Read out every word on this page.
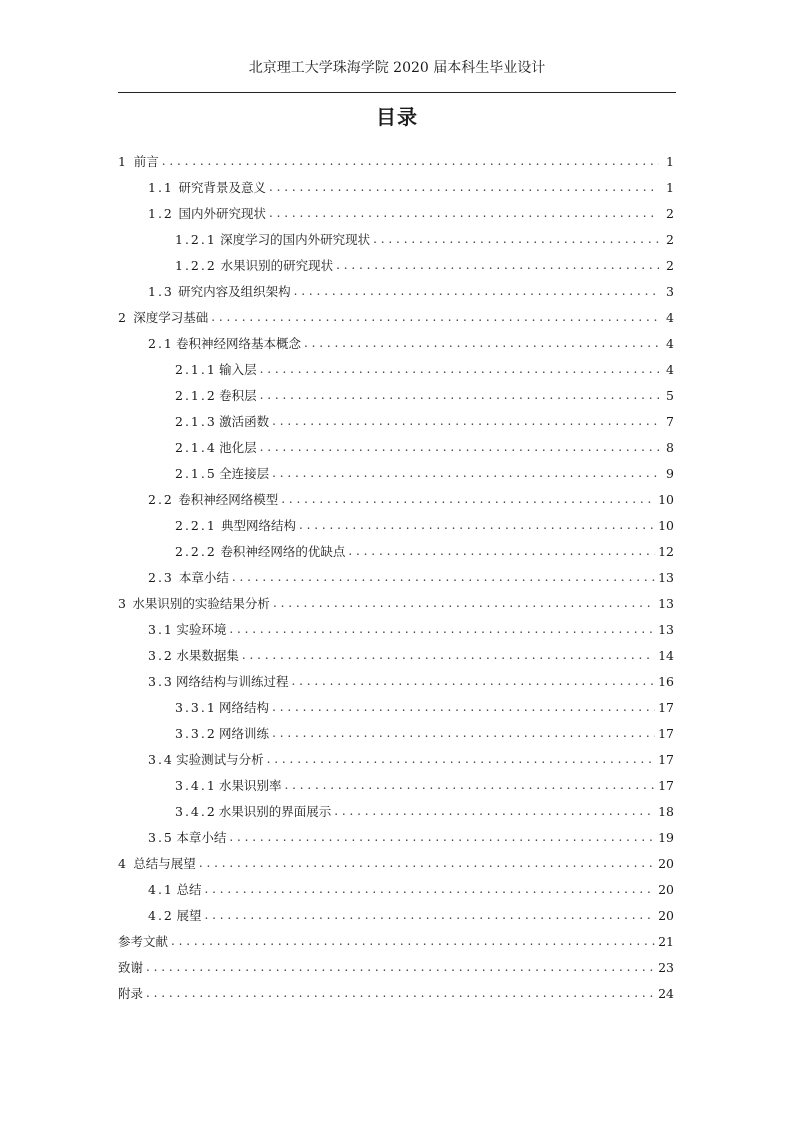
北京理工大学珠海学院 2020 届本科生毕业设计
目录
1 前言 . . .	1
1.1 研究背景及意义 . . .	1
1.2 国内外研究现状 . . .	2
1.2.1 深度学习的国内外研究现状 . . .	2
1.2.2 水果识别的研究现状 . . .	2
1.3 研究内容及组织架构 . . .	3
2 深度学习基础 . . .	4
2.1 卷积神经网络基本概念 . . .	4
2.1.1 输入层 . . .	4
2.1.2 卷积层 . . .	5
2.1.3 激活函数 . . .	7
2.1.4 池化层 . . .	8
2.1.5 全连接层 . . .	9
2.2 卷积神经网络模型 . . .	10
2.2.1 典型网络结构 . . .	10
2.2.2 卷积神经网络的优缺点 . . .	12
2.3 本章小结 . . .	13
3 水果识别的实验结果分析 . . .	13
3.1 实验环境 . . .	13
3.2 水果数据集 . . .	14
3.3 网络结构与训练过程 . . .	16
3.3.1 网络结构 . . .	17
3.3.2 网络训练 . . .	17
3.4 实验测试与分析 . . .	17
3.4.1 水果识别率 . . .	17
3.4.2 水果识别的界面展示 . . .	18
3.5 本章小结 . . .	19
4 总结与展望 . . .	20
4.1 总结 . . .	20
4.2 展望 . . .	20
参考文献 . . .	21
致谢 . . .	23
附录 . . .	24
